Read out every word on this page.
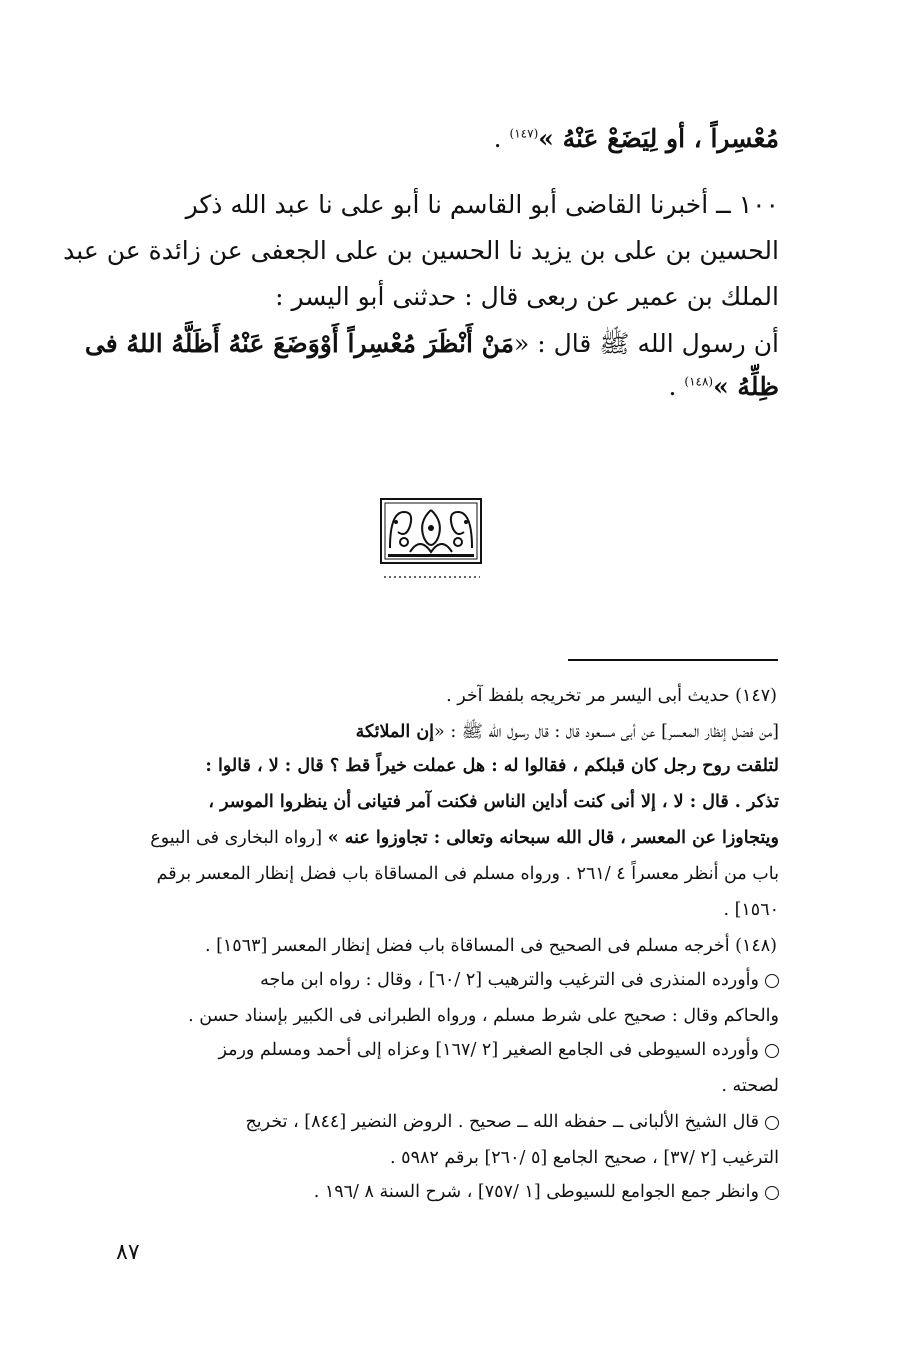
مُعْسِراً ، أو لِيَضَعْ عَنْهُ »$^{(١٤٧)}$ .
١٠٠ ــ أخبرنا القاضى أبو القاسم نا أبو على نا عبد الله ذكر
الحسين بن على بن يزيد نا الحسين بن على الجعفى عن زائدة عن عبد
الملك بن عمير عن ربعى قال : حدثنى أبو اليسر :
أن رسول الله ﷺ قال : «مَنْ أَنْظَرَ مُعْسِراً أَوْوَضَعَ عَنْهُ أَظَلَّهُ اللهُ فى
ظِلِّهُ »$^{(١٤٨)}$ .
(١٤٧) حديث أبى اليسر مر تخريجه بلفظ آخر .
[من فضل إنظار المعسر] عن أبى مسعود قال : قال رسول الله ﷺ : «إن الملائكة
لتلقت روح رجل كان قبلكم ، فقالوا له : هل عملت خيراً قط ؟ قال : لا ، قالوا :
تذكر . قال : لا ، إلا أنى كنت أداين الناس فكنت آمر فتيانى أن ينظروا الموسر ،
ويتجاوزا عن المعسر ، قال الله سبحانه وتعالى : تجاوزوا عنه » [رواه البخارى فى البيوع
باب من أنظر معسراً ٤ /٢٦١ . ورواه مسلم فى المساقاة باب فضل إنظار المعسر برقم
١٥٦٠] .
(١٤٨) أخرجه مسلم فى الصحيح فى المساقاة باب فضل إنظار المعسر [١٥٦٣] .
وأورده المنذرى فى الترغيب والترهيب [٢ /٦٠] ، وقال : رواه ابن ماجه
والحاكم وقال : صحيح على شرط مسلم ، ورواه الطبرانى فى الكبير بإسناد حسن .
وأورده السيوطى فى الجامع الصغير [٢ /١٦٧] وعزاه إلى أحمد ومسلم ورمز
لصحته .
قال الشيخ الألبانى ــ حفظه الله ــ صحيح . الروض النضير [٨٤٤] ، تخريج
الترغيب [٢ /٣٧] ، صحيح الجامع [٥ /٢٦٠] برقم ٥٩٨٢ .
وانظر جمع الجوامع للسيوطى [١ /٧٥٧] ، شرح السنة ٨ /١٩٦ .
٨٧
